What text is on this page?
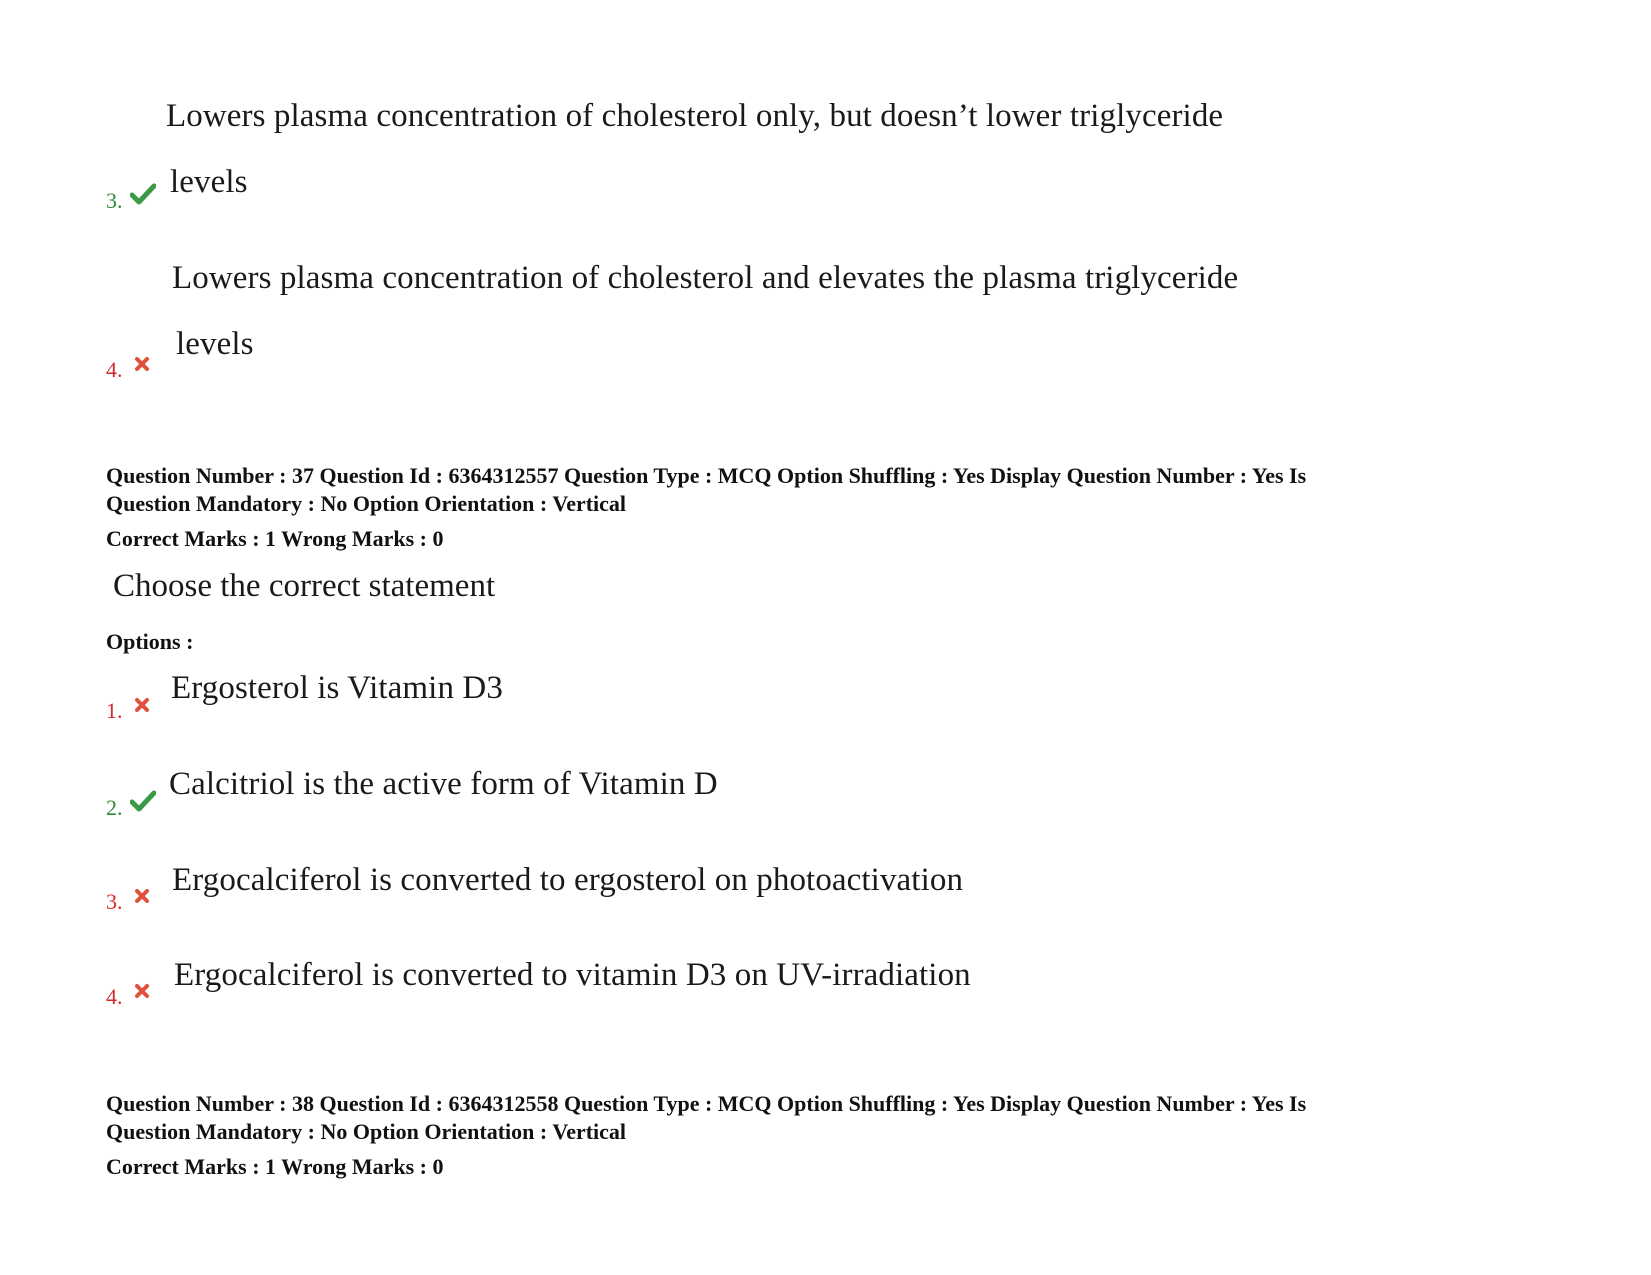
Lowers plasma concentration of cholesterol only, but doesn’t lower triglyceride
levels
3.
Lowers plasma concentration of cholesterol and elevates the plasma triglyceride
levels
4.
Question Number : 37 Question Id : 6364312557 Question Type : MCQ Option Shuffling : Yes Display Question Number : Yes Is
Question Mandatory : No Option Orientation : Vertical
Correct Marks : 1 Wrong Marks : 0
Choose the correct statement
Options :
Ergosterol is Vitamin D3
1.
Calcitriol is the active form of Vitamin D
2.
Ergocalciferol is converted to ergosterol on photoactivation
3.
Ergocalciferol is converted to vitamin D3 on UV-irradiation
4.
Question Number : 38 Question Id : 6364312558 Question Type : MCQ Option Shuffling : Yes Display Question Number : Yes Is
Question Mandatory : No Option Orientation : Vertical
Correct Marks : 1 Wrong Marks : 0
